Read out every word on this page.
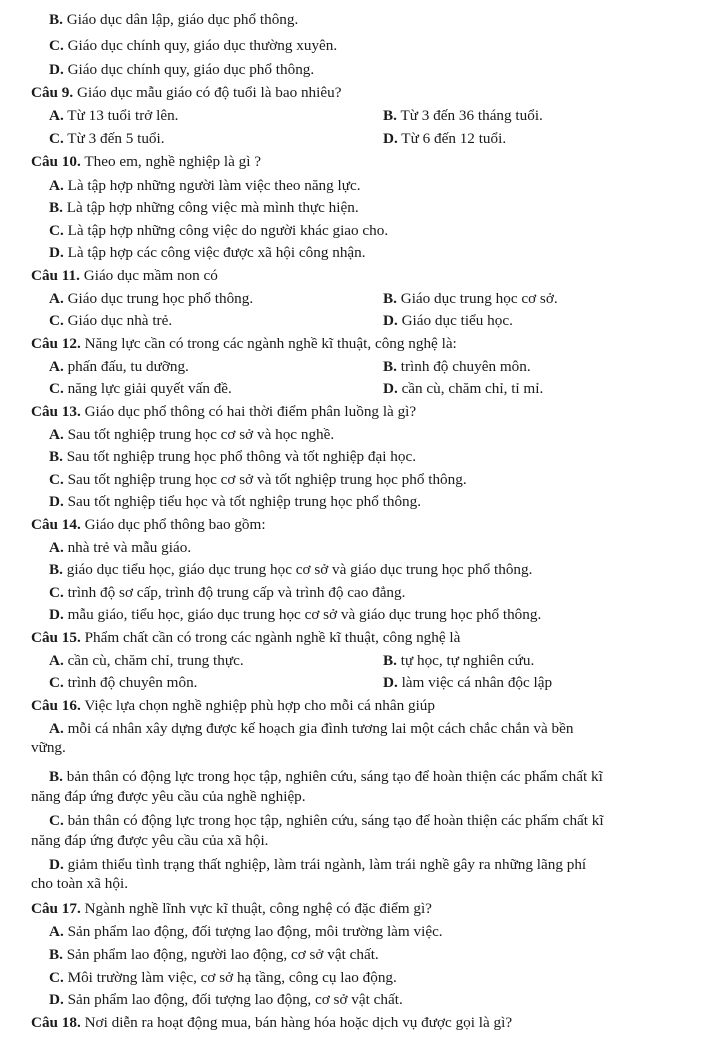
B. Giáo dục dân lập, giáo dục phổ thông.
C. Giáo dục chính quy, giáo dục thường xuyên.
D. Giáo dục chính quy, giáo dục phổ thông.
Câu 9. Giáo dục mẫu giáo có độ tuổi là bao nhiêu?
A. Từ 13 tuổi trở lên.	B. Từ 3 đến 36 tháng tuổi.
C. Từ 3 đến 5 tuổi.	D. Từ 6 đến 12 tuổi.
Câu 10. Theo em, nghề nghiệp là gì ?
A. Là tập hợp những người làm việc theo năng lực.
B. Là tập hợp những công việc mà mình thực hiện.
C. Là tập hợp những công việc do người khác giao cho.
D. Là tập hợp các công việc được xã hội công nhận.
Câu 11. Giáo dục mầm non có
A. Giáo dục trung học phổ thông.	B. Giáo dục trung học cơ sở.
C. Giáo dục nhà trẻ.	D. Giáo dục tiểu học.
Câu 12. Năng lực cần có trong các ngành nghề kĩ thuật, công nghệ là:
A. phấn đấu, tu dưỡng.	B. trình độ chuyên môn.
C. năng lực giải quyết vấn đề.	D. cần cù, chăm chỉ, tỉ mỉ.
Câu 13. Giáo dục phổ thông có hai thời điểm phân luồng là gì?
A. Sau tốt nghiệp trung học cơ sở và học nghề.
B. Sau tốt nghiệp trung học phổ thông và tốt nghiệp đại học.
C. Sau tốt nghiệp trung học cơ sở và tốt nghiệp trung học phổ thông.
D. Sau tốt nghiệp tiểu học và tốt nghiệp trung học phổ thông.
Câu 14. Giáo dục phổ thông bao gồm:
A. nhà trẻ và mẫu giáo.
B. giáo dục tiểu học, giáo dục trung học cơ sở và giáo dục trung học phổ thông.
C. trình độ sơ cấp, trình độ trung cấp và trình độ cao đẳng.
D. mẫu giáo, tiểu học, giáo dục trung học cơ sở và giáo dục trung học phổ thông.
Câu 15. Phẩm chất cần có trong các ngành nghề kĩ thuật, công nghệ là
A. cần cù, chăm chỉ, trung thực.	B. tự học, tự nghiên cứu.
C. trình độ chuyên môn.	D. làm việc cá nhân độc lập
Câu 16. Việc lựa chọn nghề nghiệp phù hợp cho mỗi cá nhân giúp
A. mỗi cá nhân xây dựng được kế hoạch gia đình tương lai một cách chắc chắn và bền
vững.
B. bản thân có động lực trong học tập, nghiên cứu, sáng tạo để hoàn thiện các phẩm chất kĩ
năng đáp ứng được yêu cầu của nghề nghiệp.
C. bản thân có động lực trong học tập, nghiên cứu, sáng tạo để hoàn thiện các phẩm chất kĩ
năng đáp ứng được yêu cầu của xã hội.
D. giảm thiểu tình trạng thất nghiệp, làm trái ngành, làm trái nghề gây ra những lãng phí
cho toàn xã hội.
Câu 17. Ngành nghề lĩnh vực kĩ thuật, công nghệ có đặc điểm gì?
A. Sản phẩm lao động, đối tượng lao động, môi trường làm việc.
B. Sản phẩm lao động, người lao động, cơ sở vật chất.
C. Môi trường làm việc, cơ sở hạ tầng, công cụ lao động.
D. Sản phẩm lao động, đối tượng lao động, cơ sở vật chất.
Câu 18. Nơi diễn ra hoạt động mua, bán hàng hóa hoặc dịch vụ được gọi là gì?
